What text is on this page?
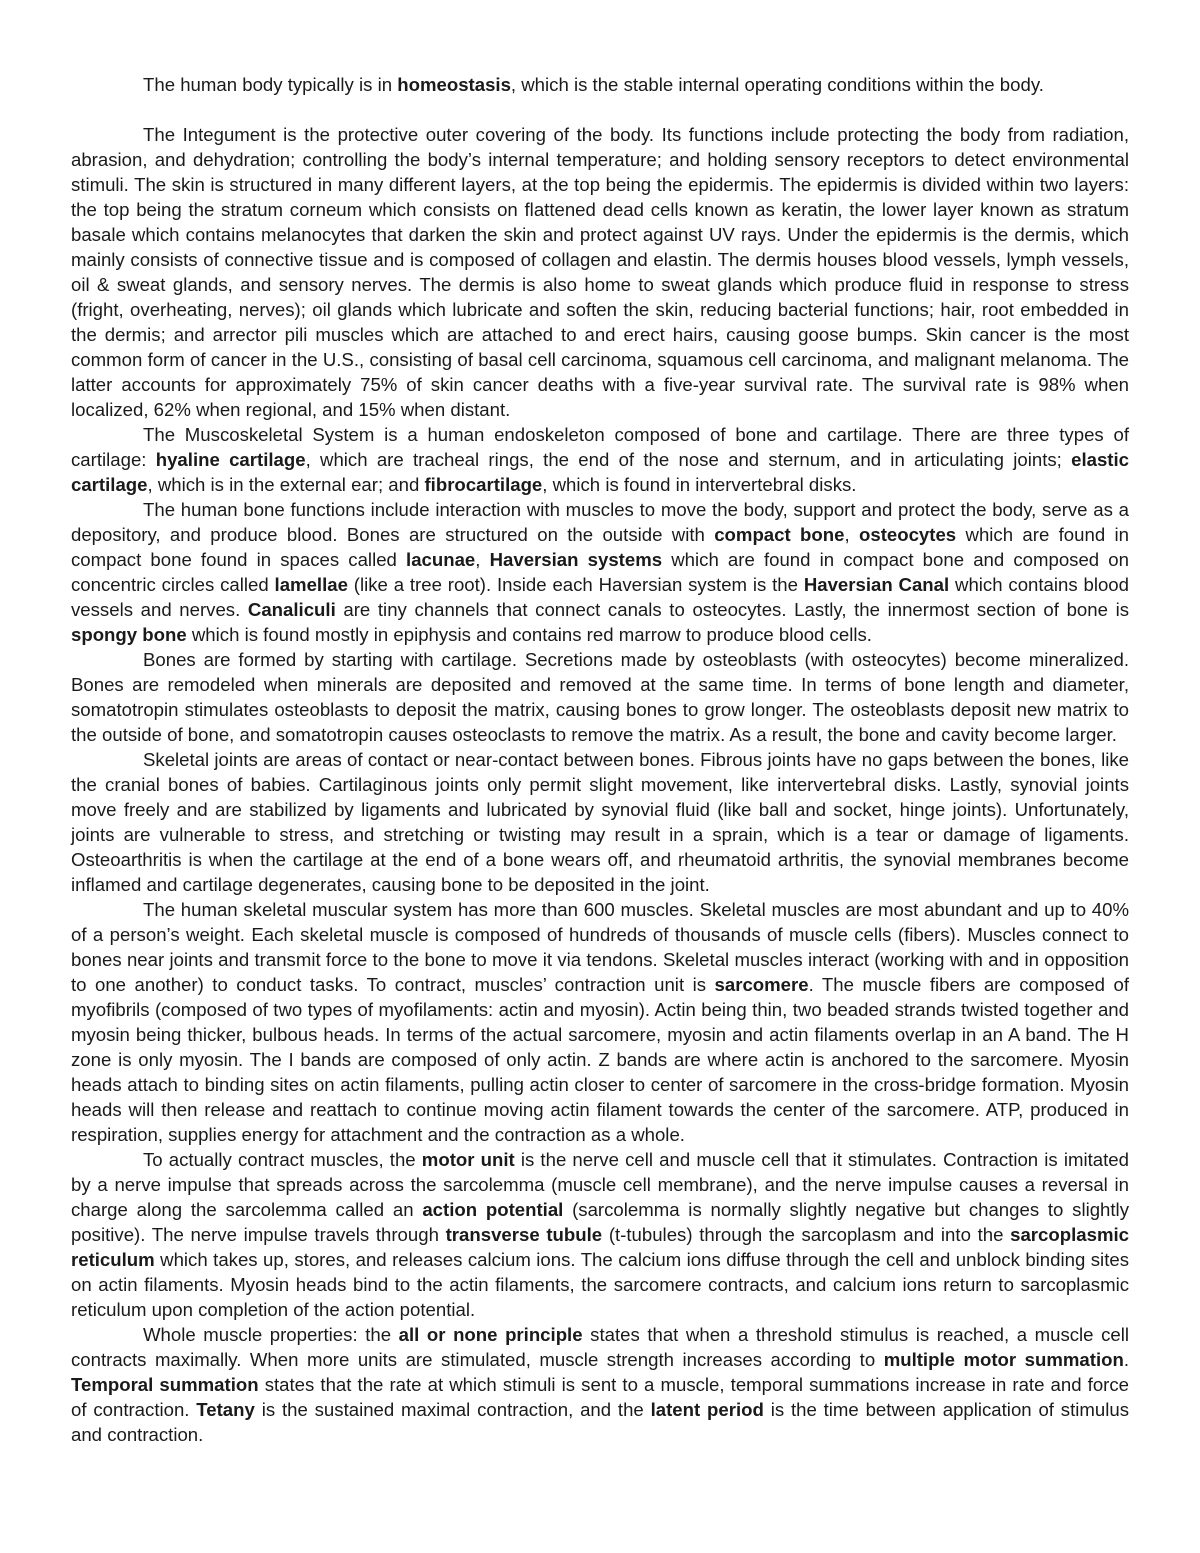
The human body typically is in homeostasis, which is the stable internal operating conditions within the body.

The Integument is the protective outer covering of the body. Its functions include protecting the body from radiation, abrasion, and dehydration; controlling the body’s internal temperature; and holding sensory receptors to detect environmental stimuli. The skin is structured in many different layers, at the top being the epidermis. The epidermis is divided within two layers: the top being the stratum corneum which consists on flattened dead cells known as keratin, the lower layer known as stratum basale which contains melanocytes that darken the skin and protect against UV rays. Under the epidermis is the dermis, which mainly consists of connective tissue and is composed of collagen and elastin. The dermis houses blood vessels, lymph vessels, oil & sweat glands, and sensory nerves. The dermis is also home to sweat glands which produce fluid in response to stress (fright, overheating, nerves); oil glands which lubricate and soften the skin, reducing bacterial functions; hair, root embedded in the dermis; and arrector pili muscles which are attached to and erect hairs, causing goose bumps. Skin cancer is the most common form of cancer in the U.S., consisting of basal cell carcinoma, squamous cell carcinoma, and malignant melanoma. The latter accounts for approximately 75% of skin cancer deaths with a five-year survival rate. The survival rate is 98% when localized, 62% when regional, and 15% when distant.

The Muscoskeletal System is a human endoskeleton composed of bone and cartilage. There are three types of cartilage: hyaline cartilage, which are tracheal rings, the end of the nose and sternum, and in articulating joints; elastic cartilage, which is in the external ear; and fibrocartilage, which is found in intervertebral disks.

The human bone functions include interaction with muscles to move the body, support and protect the body, serve as a depository, and produce blood. Bones are structured on the outside with compact bone, osteocytes which are found in compact bone found in spaces called lacunae, Haversian systems which are found in compact bone and composed on concentric circles called lamellae (like a tree root). Inside each Haversian system is the Haversian Canal which contains blood vessels and nerves. Canaliculi are tiny channels that connect canals to osteocytes. Lastly, the innermost section of bone is spongy bone which is found mostly in epiphysis and contains red marrow to produce blood cells.

Bones are formed by starting with cartilage. Secretions made by osteoblasts (with osteocytes) become mineralized. Bones are remodeled when minerals are deposited and removed at the same time. In terms of bone length and diameter, somatotropin stimulates osteoblasts to deposit the matrix, causing bones to grow longer. The osteoblasts deposit new matrix to the outside of bone, and somatotropin causes osteoclasts to remove the matrix. As a result, the bone and cavity become larger.

Skeletal joints are areas of contact or near-contact between bones. Fibrous joints have no gaps between the bones, like the cranial bones of babies. Cartilaginous joints only permit slight movement, like intervertebral disks. Lastly, synovial joints move freely and are stabilized by ligaments and lubricated by synovial fluid (like ball and socket, hinge joints). Unfortunately, joints are vulnerable to stress, and stretching or twisting may result in a sprain, which is a tear or damage of ligaments. Osteoarthritis is when the cartilage at the end of a bone wears off, and rheumatoid arthritis, the synovial membranes become inflamed and cartilage degenerates, causing bone to be deposited in the joint.

The human skeletal muscular system has more than 600 muscles. Skeletal muscles are most abundant and up to 40% of a person’s weight. Each skeletal muscle is composed of hundreds of thousands of muscle cells (fibers). Muscles connect to bones near joints and transmit force to the bone to move it via tendons. Skeletal muscles interact (working with and in opposition to one another) to conduct tasks. To contract, muscles’ contraction unit is sarcomere. The muscle fibers are composed of myofibrils (composed of two types of myofilaments: actin and myosin). Actin being thin, two beaded strands twisted together and myosin being thicker, bulbous heads. In terms of the actual sarcomere, myosin and actin filaments overlap in an A band. The H zone is only myosin. The I bands are composed of only actin. Z bands are where actin is anchored to the sarcomere. Myosin heads attach to binding sites on actin filaments, pulling actin closer to center of sarcomere in the cross-bridge formation. Myosin heads will then release and reattach to continue moving actin filament towards the center of the sarcomere. ATP, produced in respiration, supplies energy for attachment and the contraction as a whole.

To actually contract muscles, the motor unit is the nerve cell and muscle cell that it stimulates. Contraction is imitated by a nerve impulse that spreads across the sarcolemma (muscle cell membrane), and the nerve impulse causes a reversal in charge along the sarcolemma called an action potential (sarcolemma is normally slightly negative but changes to slightly positive). The nerve impulse travels through transverse tubule (t-tubules) through the sarcoplasm and into the sarcoplasmic reticulum which takes up, stores, and releases calcium ions. The calcium ions diffuse through the cell and unblock binding sites on actin filaments. Myosin heads bind to the actin filaments, the sarcomere contracts, and calcium ions return to sarcoplasmic reticulum upon completion of the action potential.

Whole muscle properties: the all or none principle states that when a threshold stimulus is reached, a muscle cell contracts maximally. When more units are stimulated, muscle strength increases according to multiple motor summation. Temporal summation states that the rate at which stimuli is sent to a muscle, temporal summations increase in rate and force of contraction. Tetany is the sustained maximal contraction, and the latent period is the time between application of stimulus and contraction.
